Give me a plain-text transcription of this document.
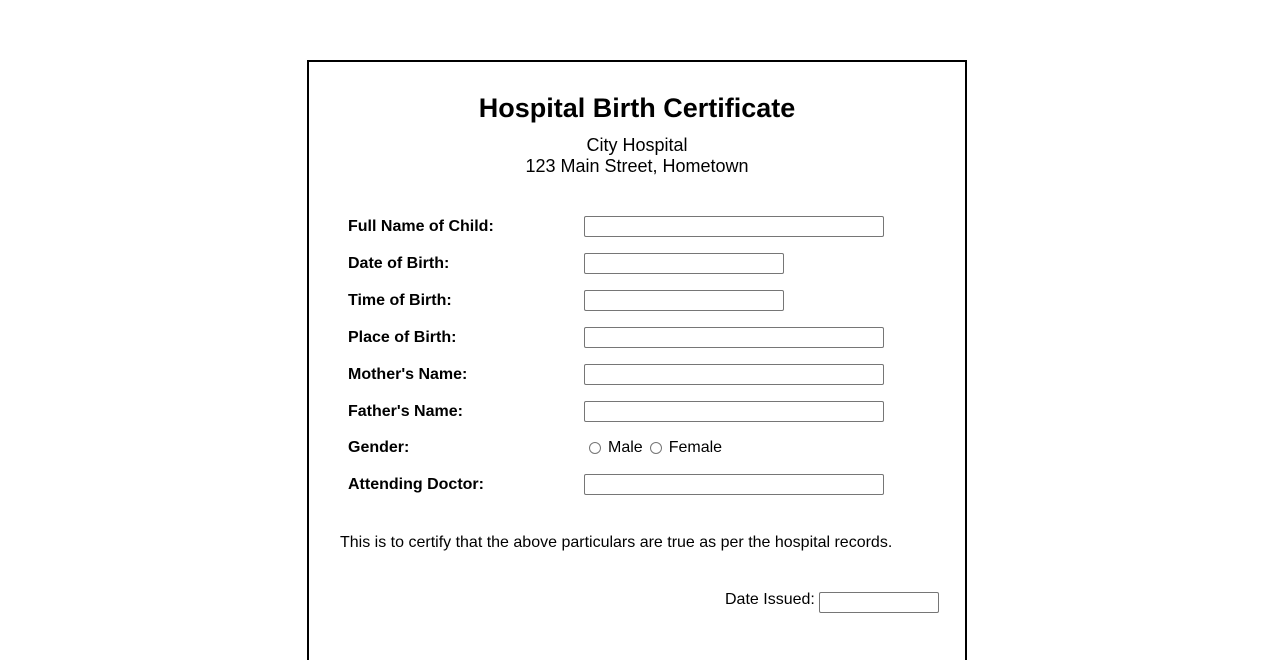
Hospital Birth Certificate
City Hospital
123 Main Street, Hometown
Full Name of Child:
Date of Birth:
Time of Birth:
Place of Birth:
Mother's Name:
Father's Name:
Gender:	Male Female
Attending Doctor:
This is to certify that the above particulars are true as per the hospital records.
Date Issued:
